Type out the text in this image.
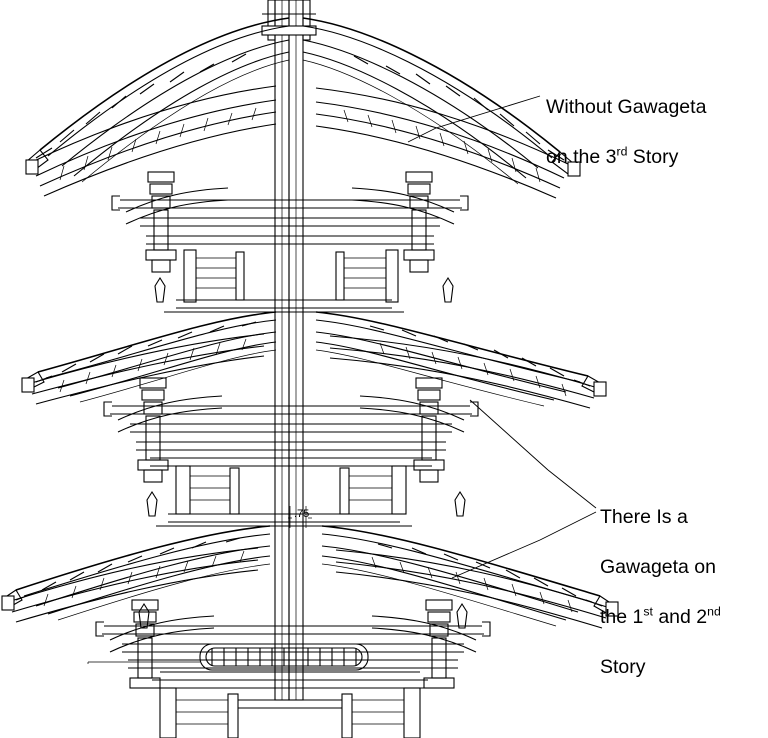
Without Gawageta

on the 3rd Story

There Is a

Gawageta on

the 1st and 2nd

Story

.75
